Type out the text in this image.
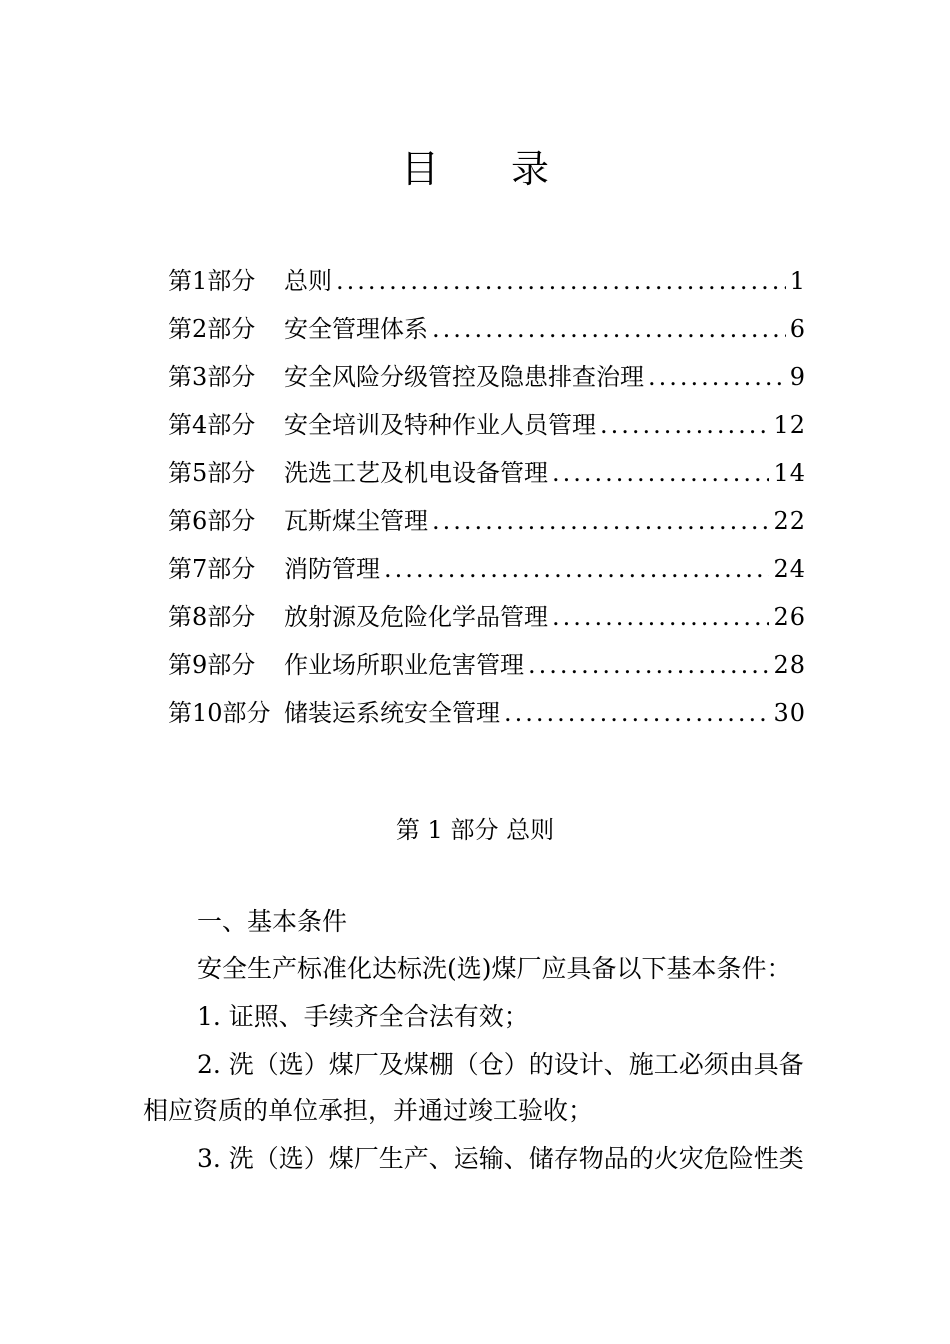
目 录
第1部分	总则 .....	1
第2部分	安全管理体系 .....	6
第3部分	安全风险分级管控及隐患排查治理 .....	9
第4部分	安全培训及特种作业人员管理 .....	12
第5部分	洗选工艺及机电设备管理 .....	14
第6部分	瓦斯煤尘管理 .....	22
第7部分	消防管理 .....	24
第8部分	放射源及危险化学品管理 .....	26
第9部分	作业场所职业危害管理 .....	28
第10部分 储装运系统安全管理 .....	30
第 1 部分 总则
一、基本条件
安全生产标准化达标洗(选)煤厂应具备以下基本条件：
1. 证照、手续齐全合法有效；
2. 洗（选）煤厂及煤棚（仓）的设计、施工必须由具备相应资质的单位承担，并通过竣工验收；
3. 洗（选）煤厂生产、运输、储存物品的火灾危险性类
